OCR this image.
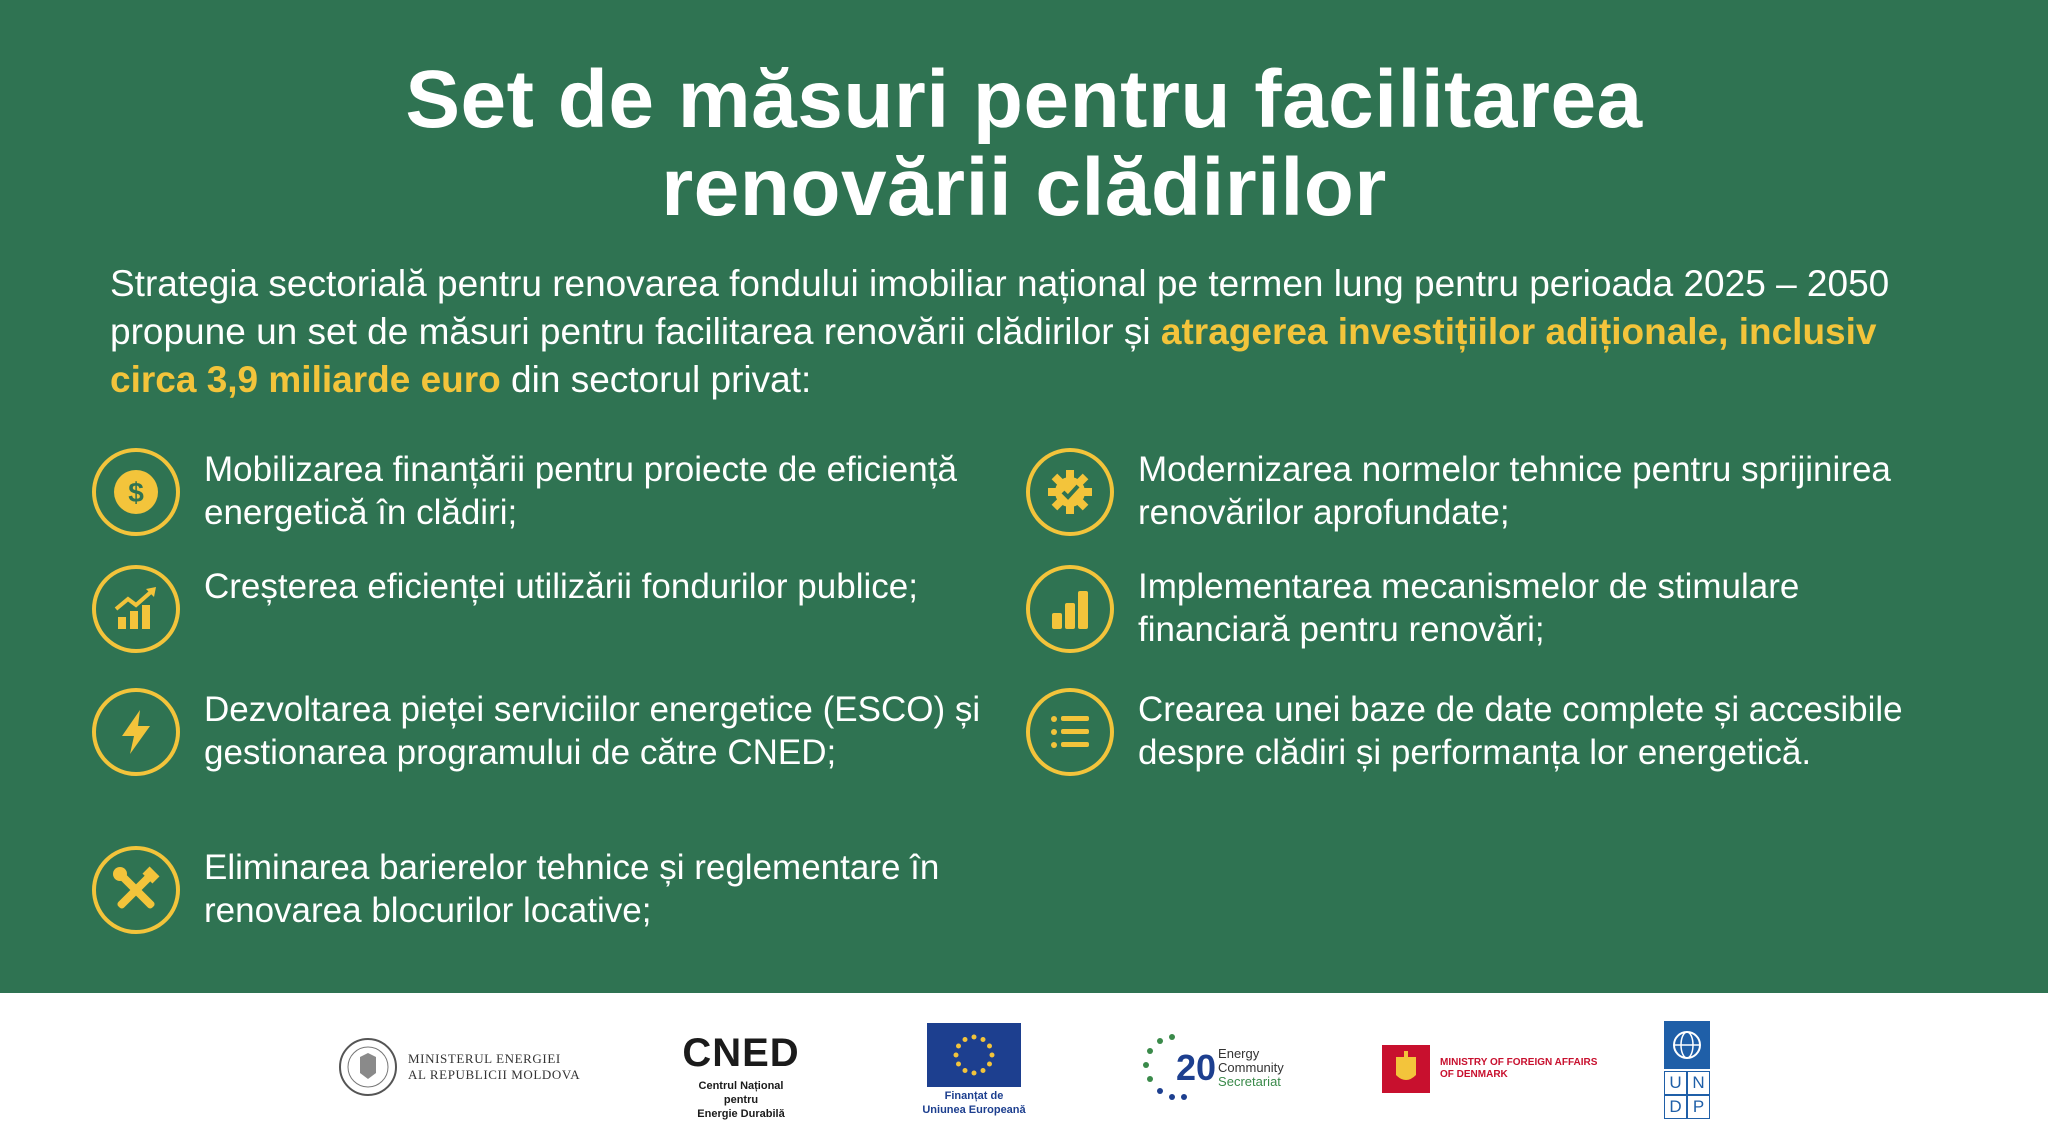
Set de măsuri pentru facilitarea
renovării clădirilor

Strategia sectorială pentru renovarea fondului imobiliar național pe termen lung pentru perioada 2025 – 2050 propune un set de măsuri pentru facilitarea renovării clădirilor și atragerea investițiilor adiționale, inclusiv circa 3,9 miliarde euro din sectorul privat:

$
Mobilizarea finanțării pentru proiecte de eficiență energetică în clădiri;
Creșterea eficienței utilizării fondurilor publice;
Dezvoltarea pieței serviciilor energetice (ESCO) și gestionarea programului de către CNED;
Eliminarea barierelor tehnice și reglementare în renovarea blocurilor locative;
Modernizarea normelor tehnice pentru sprijinirea renovărilor aprofundate;
Implementarea mecanismelor de stimulare financiară pentru renovări;
Crearea unei baze de date complete și accesibile despre clădiri și performanța lor energetică.
MINISTERUL ENERGIEI
AL REPUBLICII MOLDOVA	CNED
Centrul Național pentru
Energie Durabilă
Finanțat de
Uniunea Europeană
20 Energy
Community
Secretariat
MINISTRY OF FOREIGN AFFAIRS
OF DENMARK	U N
D P
